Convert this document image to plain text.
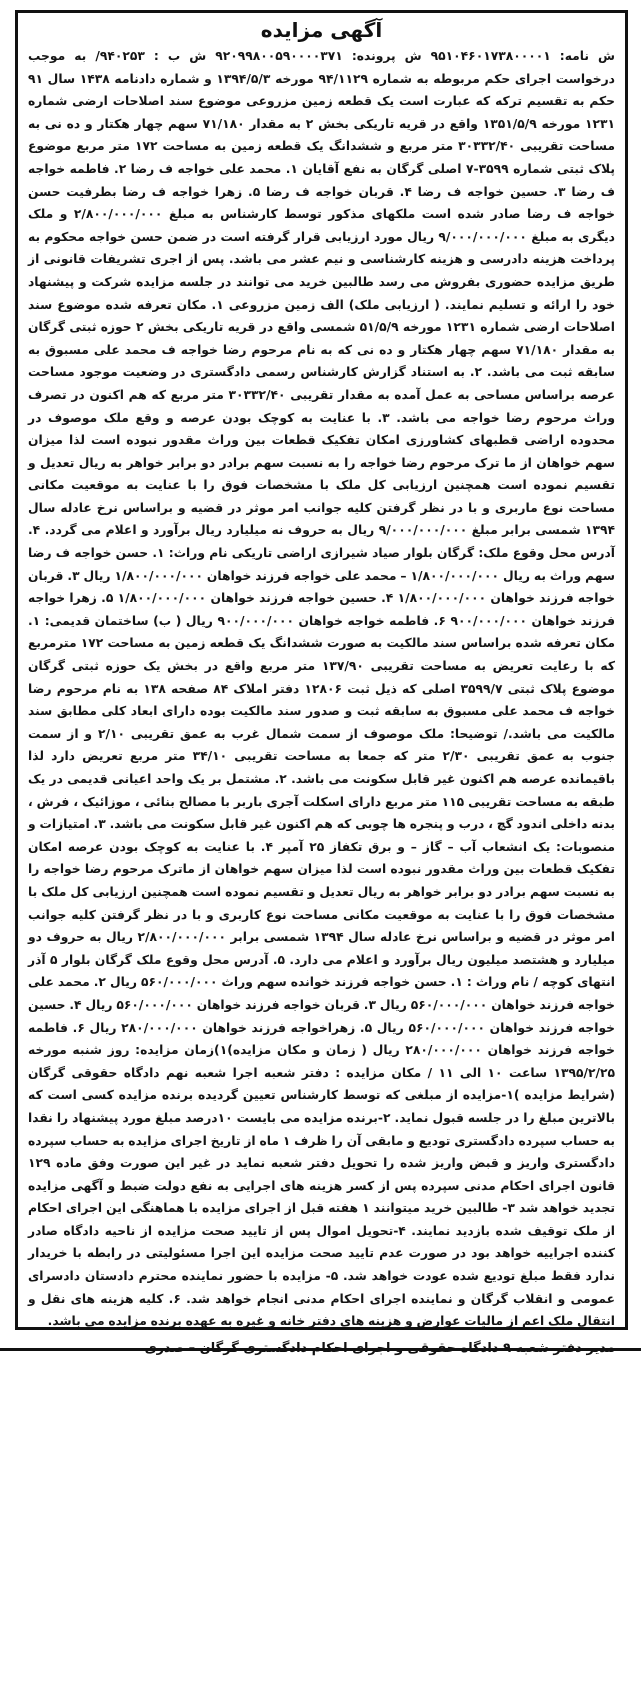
آگهی مزایده

ش نامه: ۹۵۱۰۴۶۰۱۷۳۸۰۰۰۰۱ ش پرونده: ۹۲۰۹۹۸۰۰۵۹۰۰۰۰۳۷۱ ش ب : ۹۴۰۲۵۳/ به موجب درخواست اجرای حکم مربوطه به شماره ۹۴/۱۱۲۹ مورخه ۱۳۹۴/۵/۳ و شماره دادنامه ۱۴۳۸ سال ۹۱ حکم به تقسیم ترکه که عبارت است یک قطعه زمین مزروعی موضوع سند اصلاحات ارضی شماره ۱۲۳۱ مورخه ۱۳۵۱/۵/۹ واقع در قریه تاریکی بخش ۲ به مقدار ۷۱/۱۸۰ سهم چهار هکتار و ده نی به مساحت تقریبی ۳۰۳۳۲/۴۰ متر مربع و ششدانگ یک قطعه زمین به مساحت ۱۷۲ متر مربع موضوع پلاک ثبتی شماره ۳۵۹۹-۷ اصلی گرگان به نفع آقایان ۱. محمد علی خواجه ف رضا ۲. فاطمه خواجه ف رضا ۳. حسین خواجه ف رضا ۴. قربان خواجه ف رضا ۵. زهرا خواجه ف رضا بطرفیت حسن خواجه ف رضا صادر شده است ملکهای مذکور توسط کارشناس به مبلغ ۲/۸۰۰/۰۰۰/۰۰۰ و ملک دیگری به مبلغ ۹/۰۰۰/۰۰۰/۰۰۰ ریال مورد ارزیابی قرار گرفته است در ضمن حسن خواجه محکوم به پرداخت هزینه دادرسی و هزینه کارشناسی و نیم عشر می باشد. پس از اجری تشریفات قانونی از طریق مزایده حضوری بفروش می رسد طالبین خرید می توانند در جلسه مزایده شرکت و پیشنهاد خود را ارائه و تسلیم نمایند. ( ارزیابی ملک) الف زمین مزروعی ۱. مکان تعرفه شده موضوع سند اصلاحات ارضی شماره ۱۲۳۱ مورخه ۵۱/۵/۹ شمسی واقع در قریه تاریکی بخش ۲ حوزه ثبتی گرگان به مقدار ۷۱/۱۸۰ سهم چهار هکتار و ده نی که به نام مرحوم رضا خواجه ف محمد علی مسبوق به سابقه ثبت می باشد. ۲. به استناد گزارش کارشناس رسمی دادگستری در وضعیت موجود مساحت عرصه براساس مساحی به عمل آمده به مقدار تقریبی ۳۰۳۳۲/۴۰ متر مربع که هم اکنون در تصرف وراث مرحوم رضا خواجه می باشد. ۳. با عنایت به کوچک بودن عرصه و وقع ملک موصوف در محدوده اراضی قطبهای کشاورزی امکان تفکیک قطعات بین وراث مقدور نبوده است لذا میزان سهم خواهان از ما ترک مرحوم رضا خواجه را به نسبت سهم برادر دو برابر خواهر به ریال تعدیل و تقسیم نموده است همچنین ارزیابی کل ملک با مشخصات فوق را با عنایت به موقعیت مکانی مساحت نوع ماربری و با در نظر گرفتن کلیه جوانب امر موثر در قضیه و براساس نرخ عادله سال ۱۳۹۴ شمسی برابر مبلغ ۹/۰۰۰/۰۰۰/۰۰۰ ریال به حروف نه میلیارد ریال برآورد و اعلام می گردد. ۴. آدرس محل وقوع ملک: گرگان بلوار صیاد شیرازی اراضی تاریکی نام وراث: ۱. حسن خواجه ف رضا سهم وراث به ریال ۱/۸۰۰/۰۰۰/۰۰۰ – محمد علی خواجه فرزند خواهان ۱/۸۰۰/۰۰۰/۰۰۰ ریال ۳. قربان خواجه فرزند خواهان ۱/۸۰۰/۰۰۰/۰۰۰ ۴. حسین خواجه فرزند خواهان ۱/۸۰۰/۰۰۰/۰۰۰ ۵. زهرا خواجه فرزند خواهان ۹۰۰/۰۰۰/۰۰۰ ۶. فاطمه خواجه خواهان ۹۰۰/۰۰۰/۰۰۰ ریال ( ب) ساختمان قدیمی: ۱. مکان تعرفه شده براساس سند مالکیت به صورت ششدانگ یک قطعه زمین به مساحت ۱۷۲ مترمربع که با رعایت تعریض به مساحت تقریبی ۱۳۷/۹۰ متر مربع واقع در بخش یک حوزه ثبتی گرگان موضوع پلاک ثبتی ۳۵۹۹/۷ اصلی که ذیل ثبت ۱۲۸۰۶ دفتر املاک ۸۴ صفحه ۱۳۸ به نام مرحوم رضا خواجه ف محمد علی مسبوق به سابقه ثبت و صدور سند مالکیت بوده دارای ابعاد کلی مطابق سند مالکیت می باشد./ توضیحا: ملک موصوف از سمت شمال غرب به عمق تقریبی ۲/۱۰ و از سمت جنوب به عمق تقریبی ۲/۳۰ متر که جمعا به مساحت تقریبی ۳۴/۱۰ متر مربع تعریض دارد لذا باقیمانده عرصه هم اکنون غیر قابل سکونت می باشد. ۲. مشتمل بر یک واحد اعیانی قدیمی در یک طبقه به مساحت تقریبی ۱۱۵ متر مربع دارای اسکلت آجری باربر با مصالح بنائی ، موزائیک ، فرش ، بدنه داخلی اندود گچ ، درب و پنجره ها چوبی که هم اکنون غیر قابل سکونت می باشد. ۳. امتیازات و منصوبات: یک انشعاب آب – گاز – و برق تکفاز ۲۵ آمپر ۴. با عنایت به کوچک بودن عرصه امکان تفکیک قطعات بین وراث مقدور نبوده است لذا میزان سهم خواهان از ماترک مرحوم رضا خواجه را به نسبت سهم برادر دو برابر خواهر به ریال تعدیل و تقسیم نموده است همچنین ارزیابی کل ملک با مشخصات فوق را با عنایت به موقعیت مکانی مساحت نوع کاربری و با در نظر گرفتن کلیه جوانب امر موثر در قضیه و براساس نرخ عادله سال ۱۳۹۴ شمسی برابر ۲/۸۰۰/۰۰۰/۰۰۰ ریال به حروف دو میلیارد و هشتصد میلیون ریال برآورد و اعلام می دارد. ۵. آدرس محل وقوع ملک گرگان بلوار ۵ آذر انتهای کوچه / نام وراث : ۱. حسن خواجه فرزند خوانده سهم وراث ۵۶۰/۰۰۰/۰۰۰ ریال ۲. محمد علی خواجه فرزند خواهان ۵۶۰/۰۰۰/۰۰۰ ریال ۳. قربان خواجه فرزند خواهان ۵۶۰/۰۰۰/۰۰۰ ریال ۴. حسین خواجه فرزند خواهان ۵۶۰/۰۰۰/۰۰۰ ریال ۵. زهراخواجه فرزند خواهان ۲۸۰/۰۰۰/۰۰۰ ریال ۶. فاطمه خواجه فرزند خواهان ۲۸۰/۰۰۰/۰۰۰ ریال ( زمان و مکان مزایده)۱)زمان مزایده: روز شنبه مورخه ۱۳۹۵/۲/۲۵ ساعت ۱۰ الی ۱۱ / مکان مزایده : دفتر شعبه اجرا شعبه نهم دادگاه حقوقی گرگان (شرایط مزایده )۱-مزایده از مبلغی که توسط کارشناس تعیین گردیده برنده مزایده کسی است که بالاترین مبلغ را در جلسه قبول نماید. ۲-برنده مزایده می بایست ۱۰درصد مبلغ مورد پیشنهاد را نقدا به حساب سپرده دادگستری تودیع و مابقی آن را ظرف ۱ ماه از تاریخ اجرای مزایده به حساب سپرده دادگستری واریز و قبض واریز شده را تحویل دفتر شعبه نماید در غیر این صورت وفق ماده ۱۲۹ قانون اجرای احکام مدنی سپرده پس از کسر هزینه های اجرایی به نفع دولت ضبط و آگهی مزایده تجدید خواهد شد ۳- طالبین خرید میتوانند ۱ هفته قبل از اجرای مزایده با هماهنگی این اجرای احکام از ملک توقیف شده بازدید نمایند. ۴-تحویل اموال پس از تایید صحت مزایده از ناحیه دادگاه صادر کننده اجراییه خواهد بود در صورت عدم تایید صحت مزایده این اجرا مسئولیتی در رابطه با خریدار ندارد فقط مبلغ تودیع شده عودت خواهد شد. ۵- مزایده با حضور نماینده محترم دادستان دادسرای عمومی و انقلاب گرگان و نماینده اجرای احکام مدنی انجام خواهد شد. ۶. کلیه هزینه های نقل و انتقال ملک اعم از مالیات عوارض و هزینه های دفتر خانه و غیره به عهده برنده مزایده می باشد.

مدیر دفتر شعبه ۹ دادگاه حقوقی و اجرای احکام دادگستری گرگان – صدری
